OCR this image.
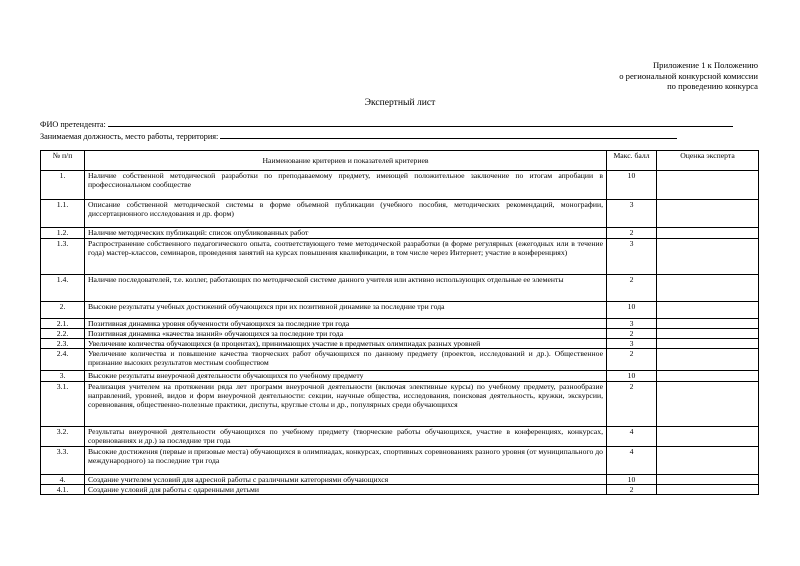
Приложение 1 к Положению
о региональной конкурсной комиссии
по проведению конкурса
Экспертный лист
ФИО претендента:
Занимаемая должность, место работы, территория:
№ п/п	Наименование критериев и показателей критериев	Макс. балл	Оценка эксперта
1.	Наличие собственной методической разработки по преподаваемому предмету, имеющей положительное заключение по итогам апробации в профессиональном сообществе	10	
1.1.	Описание собственной методической системы в форме объемной публикации (учебного пособия, методических рекомендаций, монографии, диссертационного исследования и др. форм)	3	
1.2.	Наличие методических публикаций: список опубликованных работ	2	
1.3.	Распространение собственного педагогического опыта, соответствующего теме методической разработки (в форме регулярных (ежегодных или в течение года) мастер-классов, семинаров, проведения занятий на курсах повышения квалификации, в том числе через Интернет; участие в конференциях)	3	
1.4.	Наличие последователей, т.е. коллег, работающих по методической системе данного учителя или активно использующих отдельные ее элементы	2	
2.	Высокие результаты учебных достижений обучающихся при их позитивной динамике за последние три года	10	
2.1.	Позитивная динамика уровня обученности обучающихся за последние три года	3	
2.2.	Позитивная динамика «качества знаний» обучающихся за последние три года	2	
2.3.	Увеличение количества обучающихся (в процентах), принимающих участие в предметных олимпиадах разных уровней	3	
2.4.	Увеличение количества и повышение качества творческих работ обучающихся по данному предмету (проектов, исследований и др.). Общественное признание высоких результатов местным сообществом	2	
3.	Высокие результаты внеурочной деятельности обучающихся по учебному предмету	10	
3.1.	Реализация учителем на протяжении ряда лет программ внеурочной деятельности (включая элективные курсы) по учебному предмету, разнообразие направлений, уровней, видов и форм внеурочной деятельности: секции, научные общества, исследования, поисковая деятельность, кружки, экскурсии, соревнования, общественно-полезные практики, диспуты, круглые столы и др., популярных среди обучающихся	2	
3.2.	Результаты внеурочной деятельности обучающихся по учебному предмету (творческие работы обучающихся, участие в конференциях, конкурсах, соревнованиях и др.) за последние три года	4	
3.3.	Высокие достижения (первые и призовые места) обучающихся в олимпиадах, конкурсах, спортивных соревнованиях разного уровня (от муниципального до международного) за последние три года	4	
4.	Создание учителем условий для адресной работы с различными категориями обучающихся	10	
4.1.	Создание условий для работы с одаренными детьми	2	
